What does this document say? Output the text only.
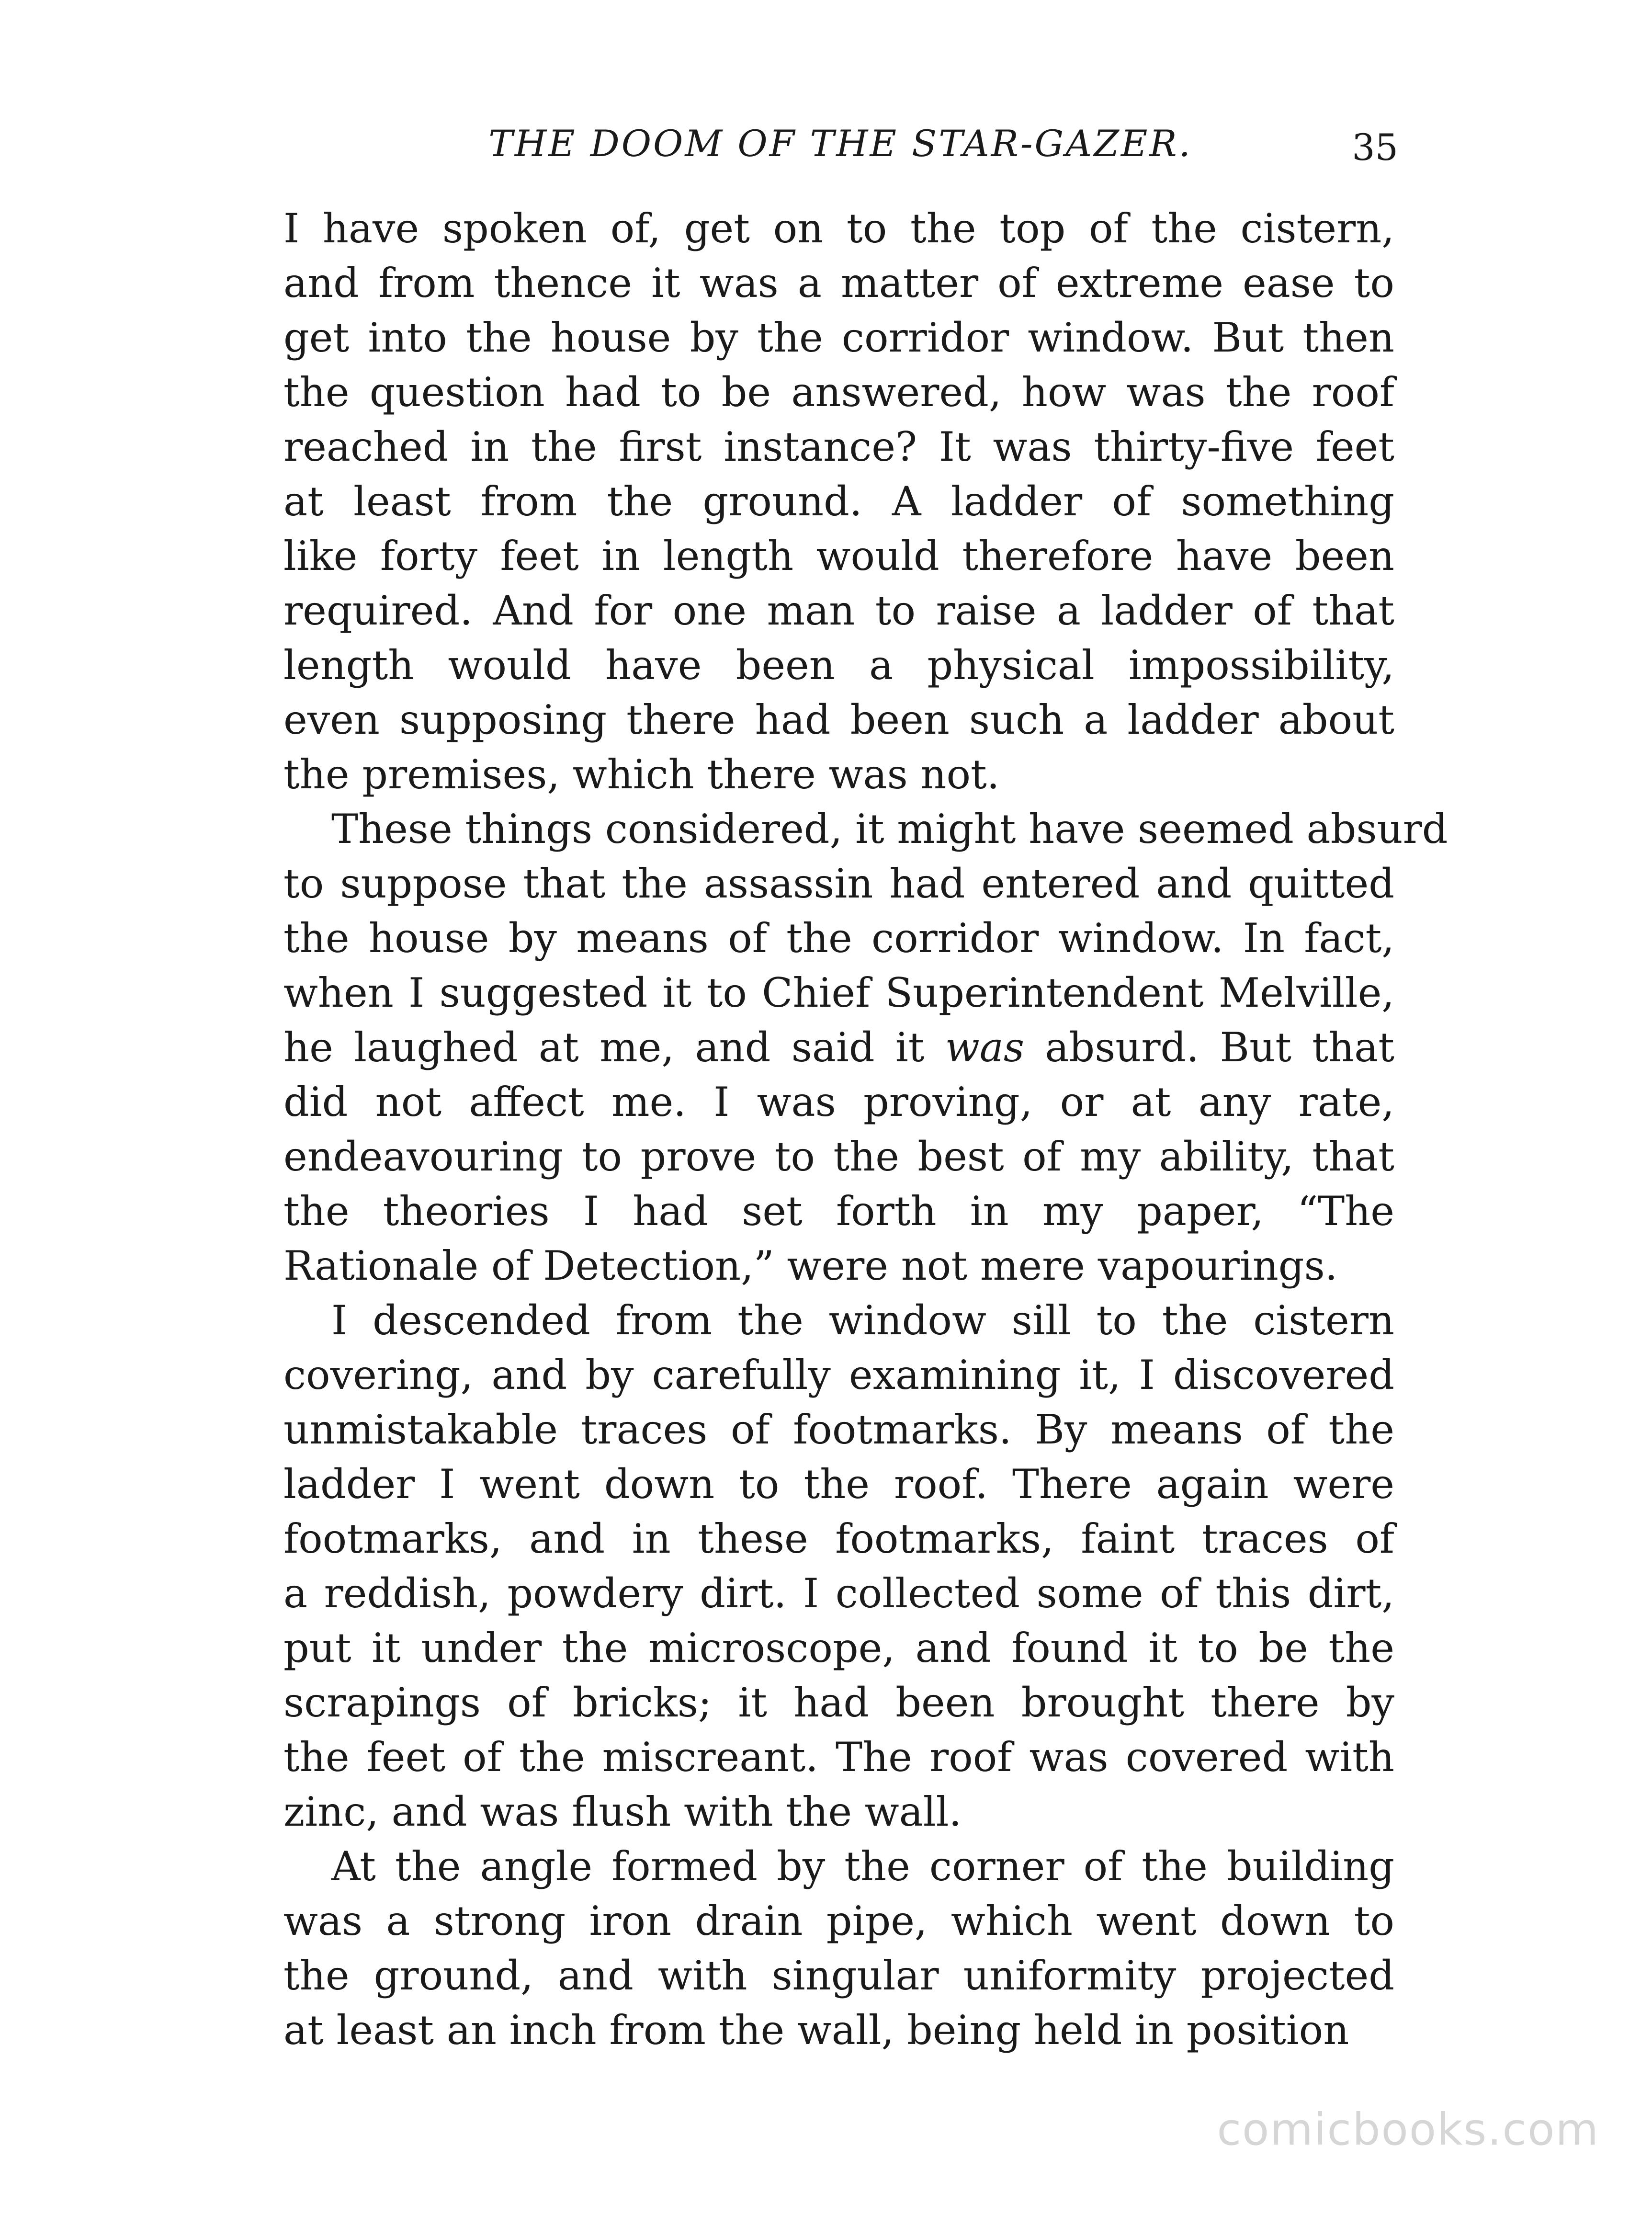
THE DOOM OF THE STAR-GAZER.	35
I have spoken of, get on to the top of the cistern,
and from thence it was a matter of extreme ease to
get into the house by the corridor window. But then
the question had to be answered, how was the roof
reached in the first instance? It was thirty-five feet
at least from the ground. A ladder of something
like forty feet in length would therefore have been
required. And for one man to raise a ladder of that
length would have been a physical impossibility,
even supposing there had been such a ladder about
the premises, which there was not.
These things considered, it might have seemed absurd
to suppose that the assassin had entered and quitted
the house by means of the corridor window. In fact,
when I suggested it to Chief Superintendent Melville,
he laughed at me, and said it was absurd. But that
did not affect me. I was proving, or at any rate,
endeavouring to prove to the best of my ability, that
the theories I had set forth in my paper, “The
Rationale of Detection,” were not mere vapourings.
I descended from the window sill to the cistern
covering, and by carefully examining it, I discovered
unmistakable traces of footmarks. By means of the
ladder I went down to the roof. There again were
footmarks, and in these footmarks, faint traces of
a reddish, powdery dirt. I collected some of this dirt,
put it under the microscope, and found it to be the
scrapings of bricks; it had been brought there by
the feet of the miscreant. The roof was covered with
zinc, and was flush with the wall.
At the angle formed by the corner of the building
was a strong iron drain pipe, which went down to
the ground, and with singular uniformity projected
at least an inch from the wall, being held in position
comicbooks.com
